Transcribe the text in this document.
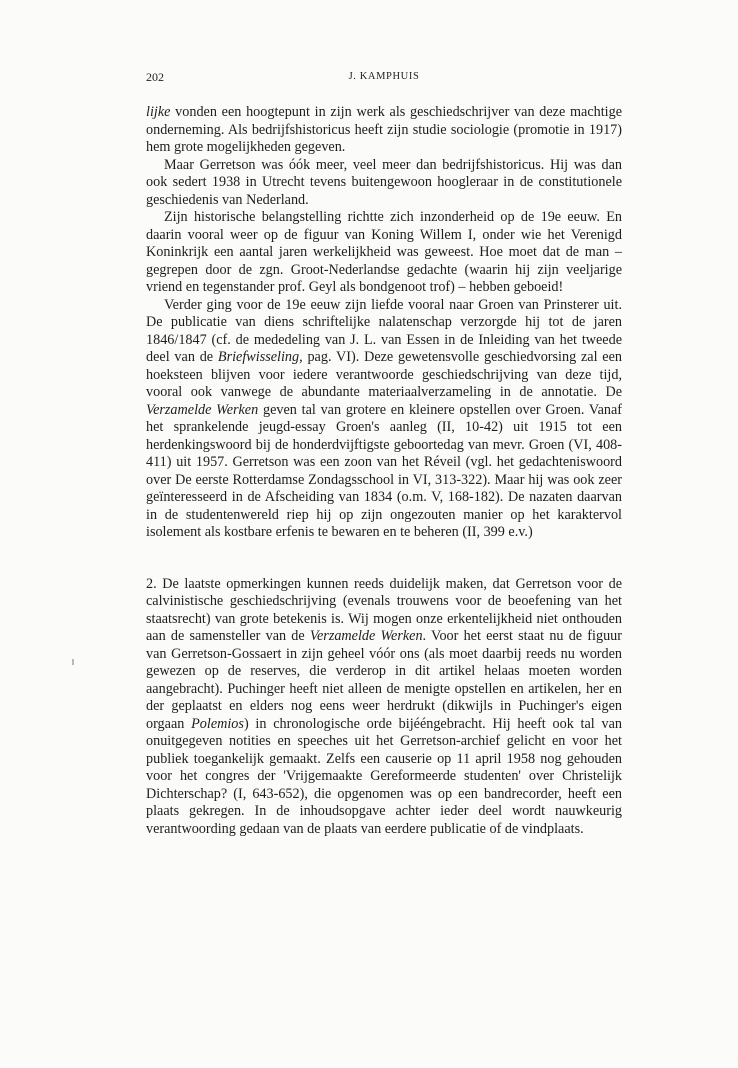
202	J. KAMPHUIS

lijke vonden een hoogtepunt in zijn werk als geschiedschrijver van deze machtige onderneming. Als bedrijfshistoricus heeft zijn studie sociologie (promotie in 1917) hem grote mogelijkheden gegeven.

Maar Gerretson was óók meer, veel meer dan bedrijfshistoricus. Hij was dan ook sedert 1938 in Utrecht tevens buitengewoon hoogleraar in de constitutionele geschiedenis van Nederland.

Zijn historische belangstelling richtte zich inzonderheid op de 19e eeuw. En daarin vooral weer op de figuur van Koning Willem I, onder wie het Verenigd Koninkrijk een aantal jaren werkelijkheid was geweest. Hoe moet dat de man – gegrepen door de zgn. Groot-Nederlandse gedachte (waarin hij zijn veeljarige vriend en tegenstander prof. Geyl als bondgenoot trof) – hebben geboeid!

Verder ging voor de 19e eeuw zijn liefde vooral naar Groen van Prinsterer uit. De publicatie van diens schriftelijke nalatenschap verzorgde hij tot de jaren 1846/1847 (cf. de mededeling van J. L. van Essen in de Inleiding van het tweede deel van de Briefwisseling, pag. VI). Deze gewetensvolle geschiedvorsing zal een hoeksteen blijven voor iedere verantwoorde geschiedschrijving van deze tijd, vooral ook vanwege de abundante materiaalverzameling in de annotatie. De Verzamelde Werken geven tal van grotere en kleinere opstellen over Groen. Vanaf het sprankelende jeugd-essay Groen's aanleg (II, 10-42) uit 1915 tot een herdenkingswoord bij de honderdvijftigste geboortedag van mevr. Groen (VI, 408-411) uit 1957. Gerretson was een zoon van het Réveil (vgl. het gedachteniswoord over De eerste Rotterdamse Zondagsschool in VI, 313-322). Maar hij was ook zeer geïnteresseerd in de Afscheiding van 1834 (o.m. V, 168-182). De nazaten daarvan in de studentenwereld riep hij op zijn ongezouten manier op het karaktervol isolement als kostbare erfenis te bewaren en te beheren (II, 399 e.v.)

2. De laatste opmerkingen kunnen reeds duidelijk maken, dat Gerretson voor de calvinistische geschiedschrijving (evenals trouwens voor de beoefening van het staatsrecht) van grote betekenis is. Wij mogen onze erkentelijkheid niet onthouden aan de samensteller van de Verzamelde Werken. Voor het eerst staat nu de figuur van Gerretson-Gossaert in zijn geheel vóór ons (als moet daarbij reeds nu worden gewezen op de reserves, die verderop in dit artikel helaas moeten worden aangebracht). Puchinger heeft niet alleen de menigte opstellen en artikelen, her en der geplaatst en elders nog eens weer herdrukt (dikwijls in Puchinger's eigen orgaan Polemios) in chronologische orde bijééngebracht. Hij heeft ook tal van onuitgegeven notities en speeches uit het Gerretson-archief gelicht en voor het publiek toegankelijk gemaakt. Zelfs een causerie op 11 april 1958 nog gehouden voor het congres der 'Vrijgemaakte Gereformeerde studenten' over Christelijk Dichterschap? (I, 643-652), die opgenomen was op een bandrecorder, heeft een plaats gekregen. In de inhoudsopgave achter ieder deel wordt nauwkeurig verantwoording gedaan van de plaats van eerdere publicatie of de vindplaats.
